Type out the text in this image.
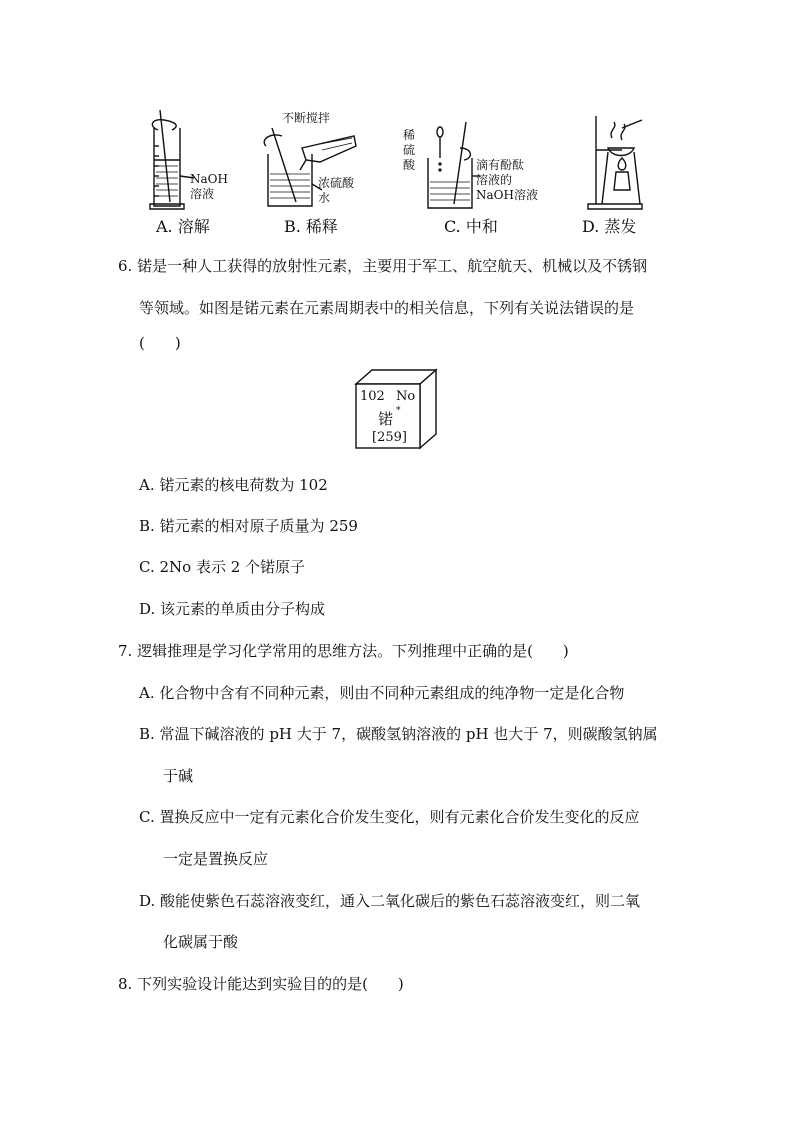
NaOH
溶液
A. 溶解
不断搅拌
浓硫酸
水
B. 稀释
稀
硫
酸	滴有酚酞
溶液的
NaOH溶液
C. 中和	D. 蒸发
6. 锘是一种人工获得的放射性元素，主要用于军工、航空航天、机械以及不锈钢
等领域。如图是锘元素在元素周期表中的相关信息，下列有关说法错误的是
(　　)
102 No
锘 *
[259]
A. 锘元素的核电荷数为 102
B. 锘元素的相对原子质量为 259
C. 2No 表示 2 个锘原子
D. 该元素的单质由分子构成
7. 逻辑推理是学习化学常用的思维方法。下列推理中正确的是(　　)
A. 化合物中含有不同种元素，则由不同种元素组成的纯净物一定是化合物
B. 常温下碱溶液的 pH 大于 7，碳酸氢钠溶液的 pH 也大于 7，则碳酸氢钠属
于碱
C. 置换反应中一定有元素化合价发生变化，则有元素化合价发生变化的反应
一定是置换反应
D. 酸能使紫色石蕊溶液变红，通入二氧化碳后的紫色石蕊溶液变红，则二氧
化碳属于酸
8. 下列实验设计能达到实验目的的是(　　)
